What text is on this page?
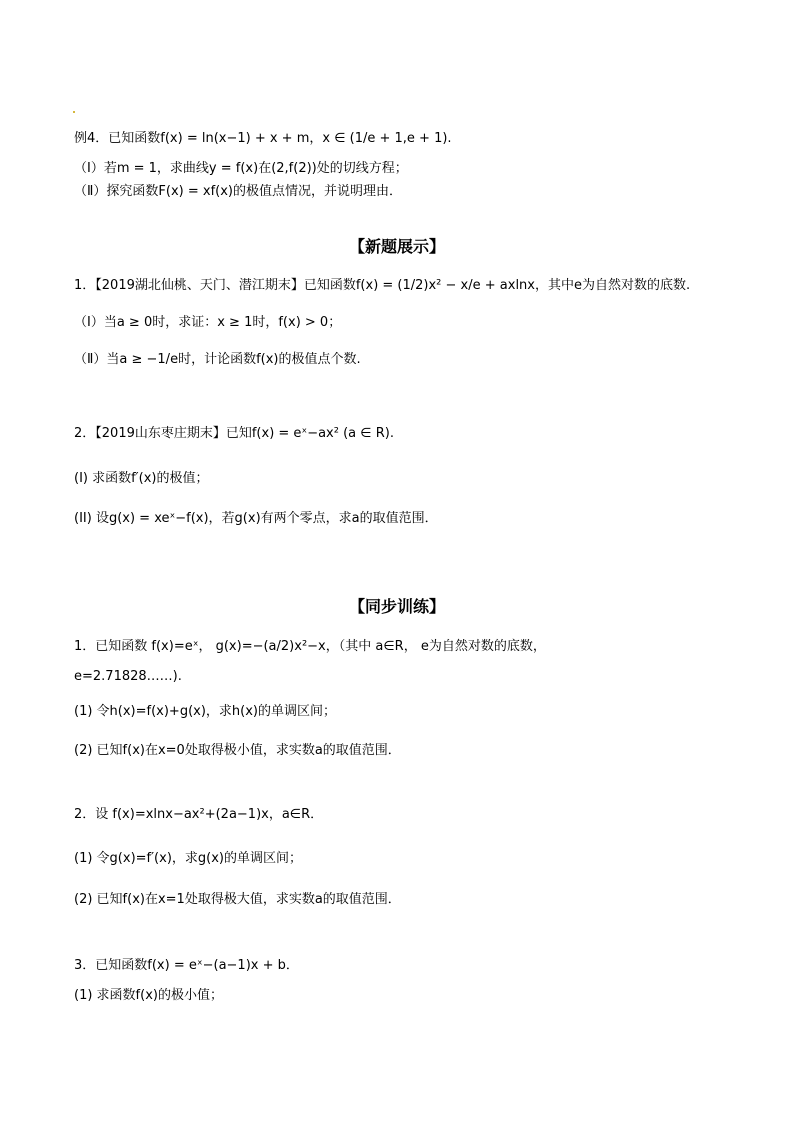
例4．已知函数f(x) = ln(x−1) + x + m，x ∈ (1/e + 1,e + 1).
（Ⅰ）若m = 1，求曲线y = f(x)在(2,f(2))处的切线方程；
（Ⅱ）探究函数F(x) = xf(x)的极值点情况，并说明理由．
【新题展示】
1．【2019湖北仙桃、天门、潜江期末】已知函数f(x) = (1/2)x² − x/e + axlnx，其中e为自然对数的底数.
（Ⅰ）当a ≥ 0时，求证：x ≥ 1时，f(x) > 0；
（Ⅱ）当a ≥ −1/e时，计论函数f(x)的极值点个数.
2．【2019山东枣庄期末】已知f(x) = eˣ−ax² (a ∈ R).
(I) 求函数f′(x)的极值；
(II) 设g(x) = xeˣ−f(x)，若g(x)有两个零点，求a的取值范围．
【同步训练】
1．已知函数 f(x)=eˣ， g(x)=−(a/2)x²−x，（其中 a∈R， e为自然对数的底数，
e=2.71828……).
(1) 令h(x)=f(x)+g(x)，求h(x)的单调区间；
(2) 已知f(x)在x=0处取得极小值，求实数a的取值范围．
2．设 f(x)=xlnx−ax²+(2a−1)x，a∈R．
(1) 令g(x)=f′(x)，求g(x)的单调区间；
(2) 已知f(x)在x=1处取得极大值，求实数a的取值范围．
3．已知函数f(x) = eˣ−(a−1)x + b．
(1) 求函数f(x)的极小值；
